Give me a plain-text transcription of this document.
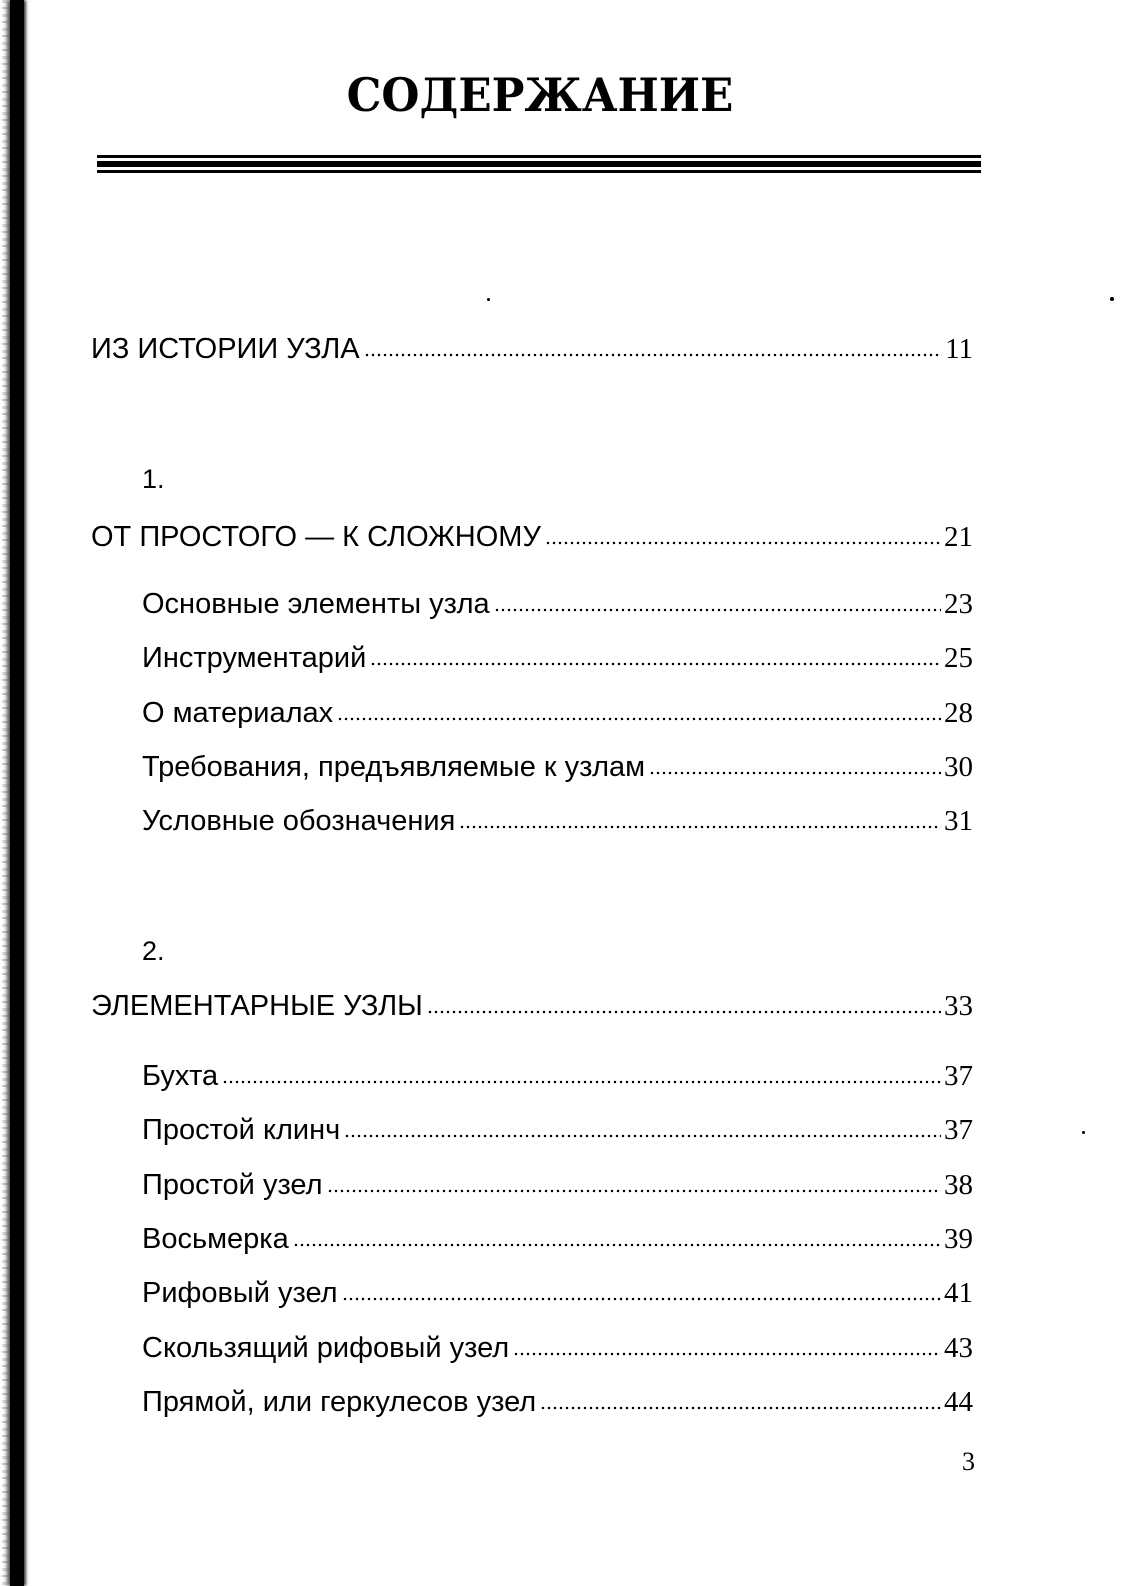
СОДЕРЖАНИЕ
ИЗ ИСТОРИИ УЗЛА	11
1.
ОТ ПРОСТОГО — К СЛОЖНОМУ	21
Основные элементы узла	23
Инструментарий	25
О материалах	28
Требования, предъявляемые к узлам	30
Условные обозначения	31
2.
ЭЛЕМЕНТАРНЫЕ УЗЛЫ	33
Бухта	37
Простой клинч	37
Простой узел	38
Восьмерка	39
Рифовый узел	41
Скользящий рифовый узел	43
Прямой, или геркулесов узел	44
3
